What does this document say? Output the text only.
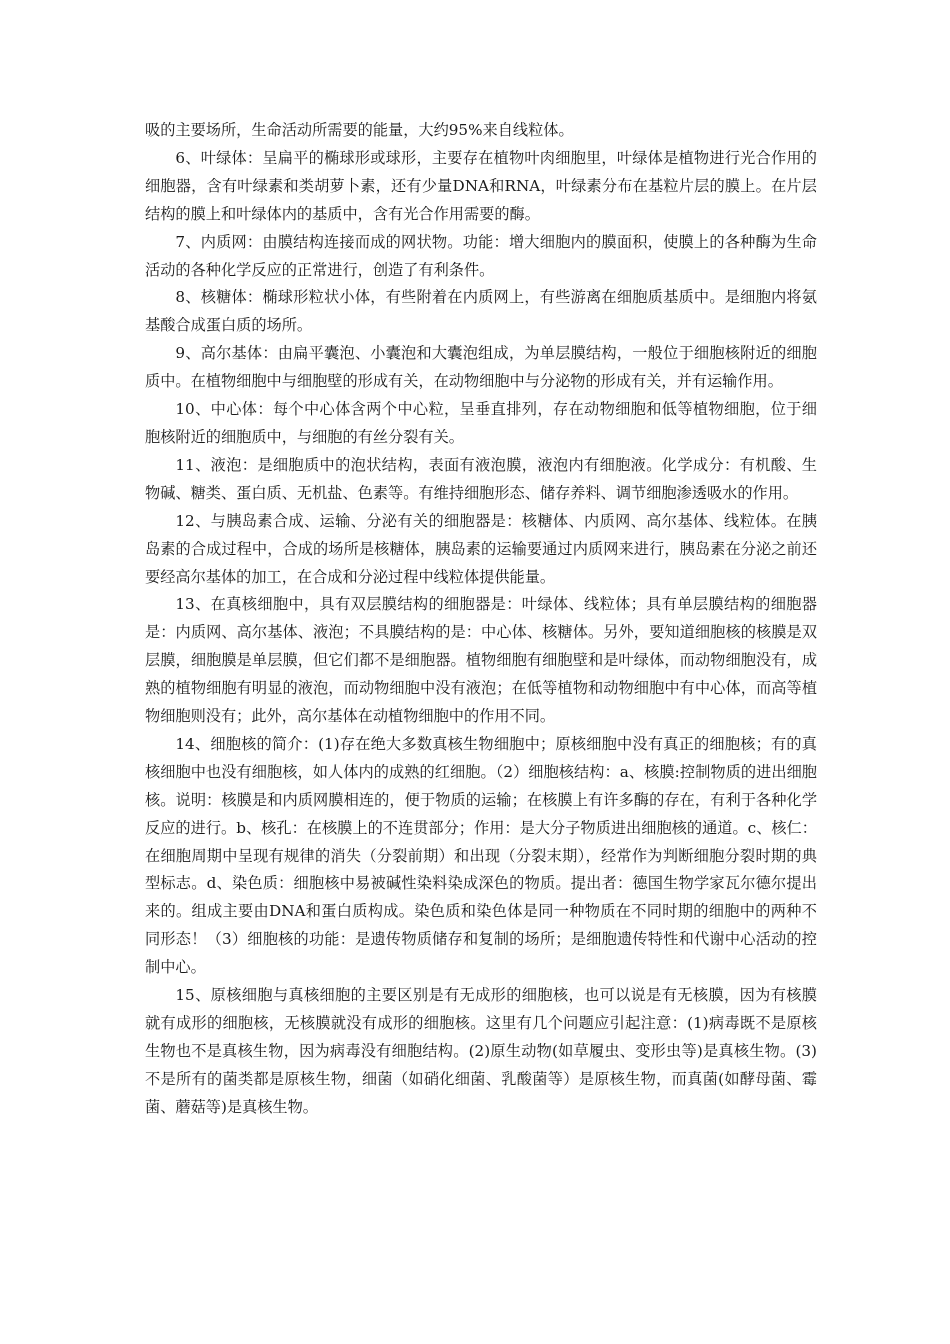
吸的主要场所，生命活动所需要的能量，大约95%来自线粒体。

6、叶绿体：呈扁平的椭球形或球形，主要存在植物叶肉细胞里，叶绿体是植物进行光合作用的细胞器，含有叶绿素和类胡萝卜素，还有少量DNA和RNA，叶绿素分布在基粒片层的膜上。在片层结构的膜上和叶绿体内的基质中，含有光合作用需要的酶。

7、内质网：由膜结构连接而成的网状物。功能：增大细胞内的膜面积，使膜上的各种酶为生命活动的各种化学反应的正常进行，创造了有利条件。

8、核糖体：椭球形粒状小体，有些附着在内质网上，有些游离在细胞质基质中。是细胞内将氨基酸合成蛋白质的场所。

9、高尔基体：由扁平囊泡、小囊泡和大囊泡组成，为单层膜结构，一般位于细胞核附近的细胞质中。在植物细胞中与细胞壁的形成有关，在动物细胞中与分泌物的形成有关，并有运输作用。

10、中心体：每个中心体含两个中心粒，呈垂直排列，存在动物细胞和低等植物细胞，位于细胞核附近的细胞质中，与细胞的有丝分裂有关。

11、液泡：是细胞质中的泡状结构，表面有液泡膜，液泡内有细胞液。化学成分：有机酸、生物碱、糖类、蛋白质、无机盐、色素等。有维持细胞形态、储存养料、调节细胞渗透吸水的作用。

12、与胰岛素合成、运输、分泌有关的细胞器是：核糖体、内质网、高尔基体、线粒体。在胰岛素的合成过程中，合成的场所是核糖体，胰岛素的运输要通过内质网来进行，胰岛素在分泌之前还要经高尔基体的加工，在合成和分泌过程中线粒体提供能量。

13、在真核细胞中，具有双层膜结构的细胞器是：叶绿体、线粒体；具有单层膜结构的细胞器是：内质网、高尔基体、液泡；不具膜结构的是：中心体、核糖体。另外，要知道细胞核的核膜是双层膜，细胞膜是单层膜，但它们都不是细胞器。植物细胞有细胞壁和是叶绿体，而动物细胞没有，成熟的植物细胞有明显的液泡，而动物细胞中没有液泡；在低等植物和动物细胞中有中心体，而高等植物细胞则没有；此外，高尔基体在动植物细胞中的作用不同。

14、细胞核的简介：(1)存在绝大多数真核生物细胞中；原核细胞中没有真正的细胞核；有的真核细胞中也没有细胞核，如人体内的成熟的红细胞。（2）细胞核结构：a、核膜:控制物质的进出细胞核。说明：核膜是和内质网膜相连的，便于物质的运输；在核膜上有许多酶的存在，有利于各种化学反应的进行。b、核孔：在核膜上的不连贯部分；作用：是大分子物质进出细胞核的通道。c、核仁：在细胞周期中呈现有规律的消失（分裂前期）和出现（分裂末期），经常作为判断细胞分裂时期的典型标志。d、染色质：细胞核中易被碱性染料染成深色的物质。提出者：德国生物学家瓦尔德尔提出来的。组成主要由DNA和蛋白质构成。染色质和染色体是同一种物质在不同时期的细胞中的两种不同形态！（3）细胞核的功能：是遗传物质储存和复制的场所；是细胞遗传特性和代谢中心活动的控制中心。

15、原核细胞与真核细胞的主要区别是有无成形的细胞核，也可以说是有无核膜，因为有核膜就有成形的细胞核，无核膜就没有成形的细胞核。这里有几个问题应引起注意：(1)病毒既不是原核生物也不是真核生物，因为病毒没有细胞结构。(2)原生动物(如草履虫、变形虫等)是真核生物。(3)不是所有的菌类都是原核生物，细菌（如硝化细菌、乳酸菌等）是原核生物，而真菌(如酵母菌、霉菌、蘑菇等)是真核生物。
